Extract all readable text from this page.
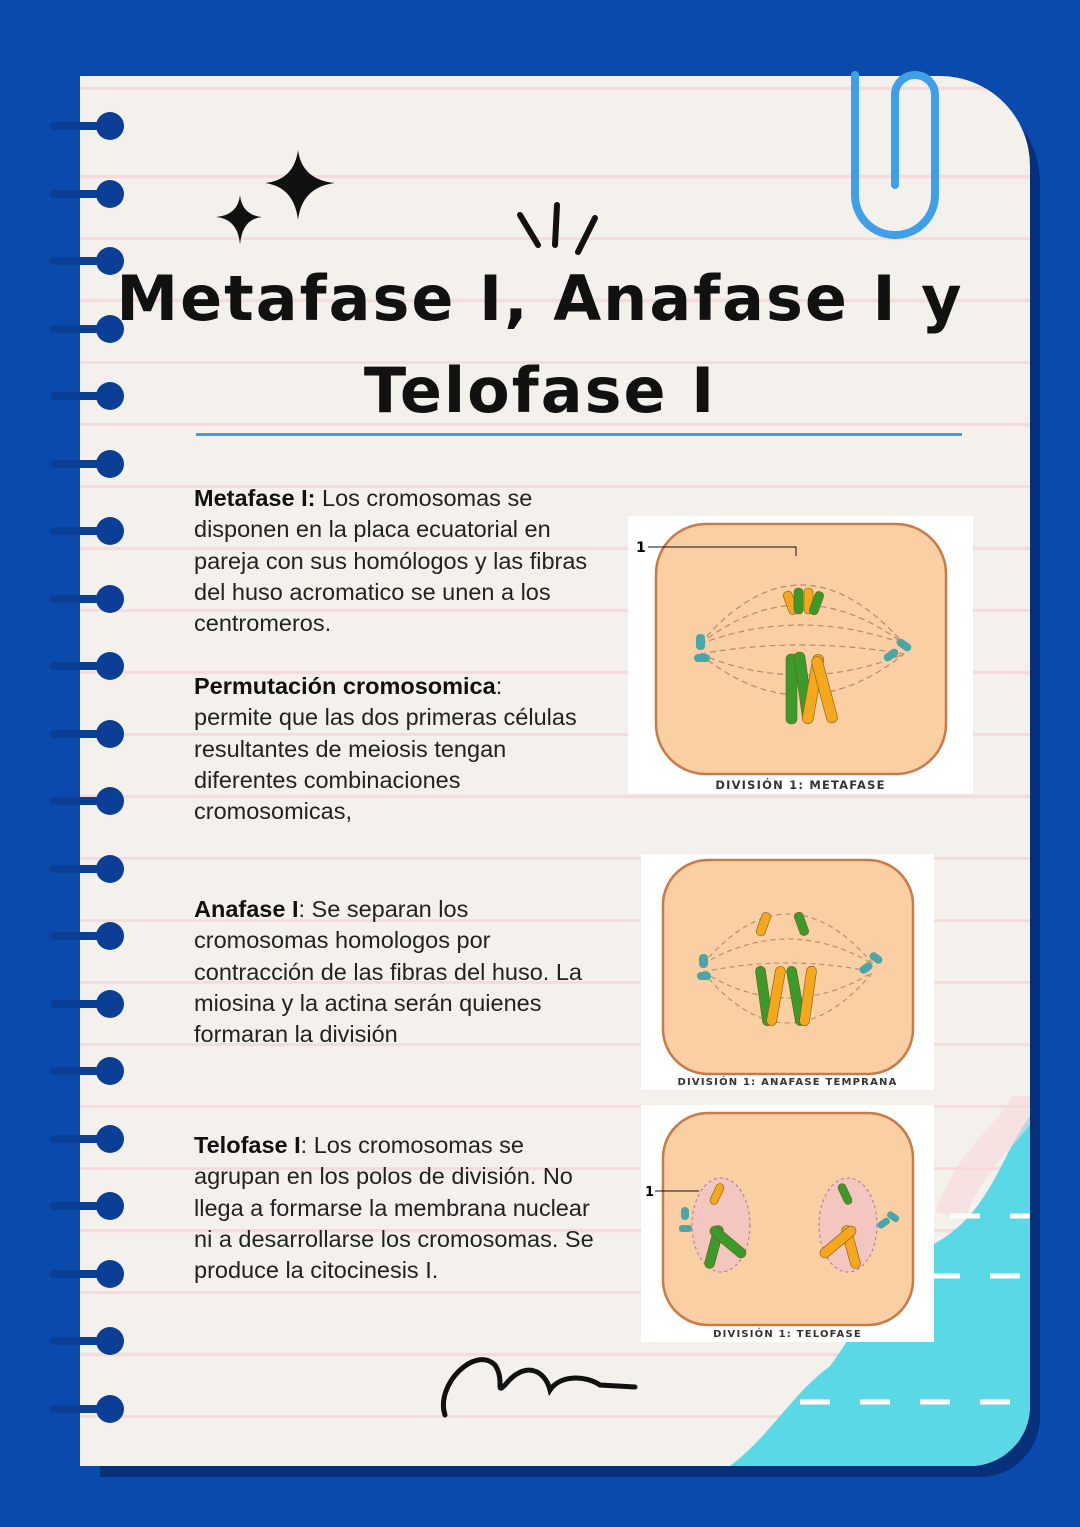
Metafase I, Anafase I y
Telofase I
Metafase I: Los cromosomas se disponen en la placa ecuatorial en pareja con sus homólogos y las fibras del huso acromatico se unen a los centromeros.
Permutación cromosomica: permite que las dos primeras células resultantes de meiosis tengan diferentes combinaciones cromosomicas,
Anafase I: Se separan los cromosomas homologos por contracción de las fibras del huso. La miosina y la actina serán quienes formaran la división
Telofase I: Los cromosomas se agrupan en los polos de división. No llega a formarse la membrana nuclear ni a desarrollarse los cromosomas. Se produce la citocinesis I.
1
DIVISIÓN 1: METAFASE
DIVISIÓN 1: ANAFASE TEMPRANA
1
DIVISIÓN 1: TELOFASE
